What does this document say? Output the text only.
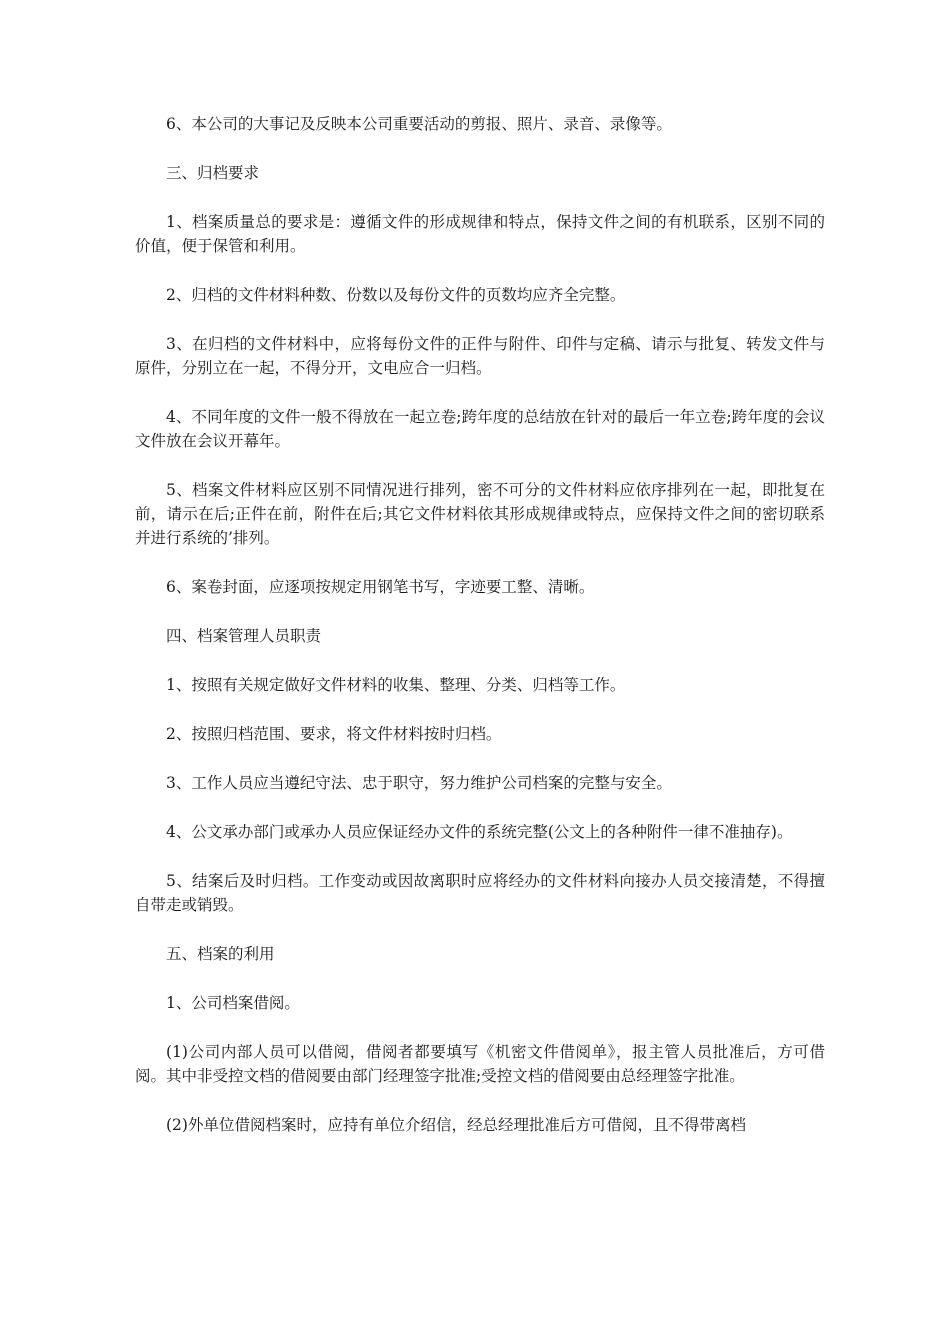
6、本公司的大事记及反映本公司重要活动的剪报、照片、录音、录像等。

三、归档要求

1、档案质量总的要求是：遵循文件的形成规律和特点，保持文件之间的有机联系，区别不同的价值，便于保管和利用。

2、归档的文件材料种数、份数以及每份文件的页数均应齐全完整。

3、在归档的文件材料中，应将每份文件的正件与附件、印件与定稿、请示与批复、转发文件与原件，分别立在一起，不得分开，文电应合一归档。

4、不同年度的文件一般不得放在一起立卷;跨年度的总结放在针对的最后一年立卷;跨年度的会议文件放在会议开幕年。

5、档案文件材料应区别不同情况进行排列，密不可分的文件材料应依序排列在一起，即批复在前，请示在后;正件在前，附件在后;其它文件材料依其形成规律或特点，应保持文件之间的密切联系并进行系统的’排列。

6、案卷封面，应逐项按规定用钢笔书写，字迹要工整、清晰。

四、档案管理人员职责

1、按照有关规定做好文件材料的收集、整理、分类、归档等工作。

2、按照归档范围、要求，将文件材料按时归档。

3、工作人员应当遵纪守法、忠于职守，努力维护公司档案的完整与安全。

4、公文承办部门或承办人员应保证经办文件的系统完整(公文上的各种附件一律不准抽存)。

5、结案后及时归档。工作变动或因故离职时应将经办的文件材料向接办人员交接清楚，不得擅自带走或销毁。

五、档案的利用

1、公司档案借阅。

(1)公司内部人员可以借阅，借阅者都要填写《机密文件借阅单》，报主管人员批准后，方可借阅。其中非受控文档的借阅要由部门经理签字批准;受控文档的借阅要由总经理签字批准。

(2)外单位借阅档案时，应持有单位介绍信，经总经理批准后方可借阅，且不得带离档
